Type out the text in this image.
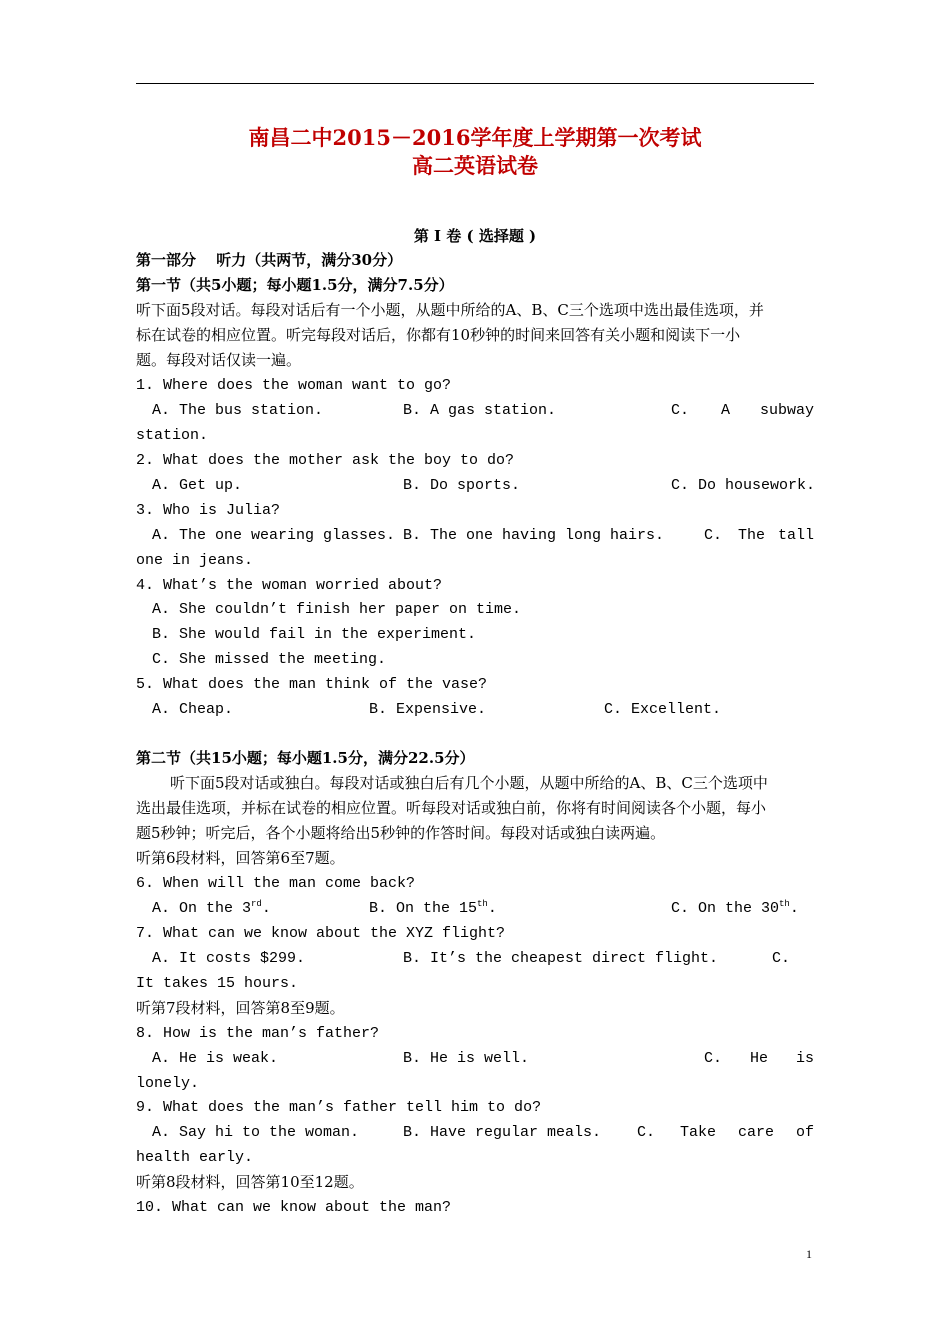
南昌二中2015－2016学年度上学期第一次考试
高二英语试卷
第 I 卷 ( 选择题 )
第一部分　 听力（共两节，满分30分）
第一节（共5小题；每小题1.5分，满分7.5分）
听下面5段对话。每段对话后有一个小题，从题中所给的A、B、C三个选项中选出最佳选项，并
标在试卷的相应位置。听完每段对话后，你都有10秒钟的时间来回答有关小题和阅读下一小
题。每段对话仅读一遍。
1. Where does the woman want to go?
A. The bus station.	B. A gas station.	C. A subway
station.
2. What does the mother ask the boy to do?
A. Get up.	B. Do sports.	C. Do housework.
3. Who is Julia?
A. The one wearing glasses. B. The one having long hairs.	C. The tall
one in jeans.
4. What’s the woman worried about?
A. She couldn’t finish her paper on time.
B. She would fail in the experiment.
C. She missed the meeting.
5. What does the man think of the vase?
A. Cheap.	B. Expensive.	C. Excellent.
第二节（共15小题；每小题1.5分，满分22.5分）
听下面5段对话或独白。每段对话或独白后有几个小题，从题中所给的A、B、C三个选项中
选出最佳选项，并标在试卷的相应位置。听每段对话或独白前，你将有时间阅读各个小题，每小
题5秒钟；听完后，各个小题将给出5秒钟的作答时间。每段对话或独白读两遍。
听第6段材料，回答第6至7题。
6. When will the man come back?
A. On the 3rd.	B. On the 15th.	C. On the 30th.
7. What can we know about the XYZ flight?
A. It costs $299.	B. It’s the cheapest direct flight.	C.
It takes 15 hours.
听第7段材料，回答第8至9题。
8. How is the man’s father?
A. He is weak.	B. He is well.	C. He is
lonely.
9. What does the man’s father tell him to do?
A. Say hi to the woman.	B. Have regular meals. C. Take care of
health early.
听第8段材料，回答第10至12题。
10. What can we know about the man?
1
